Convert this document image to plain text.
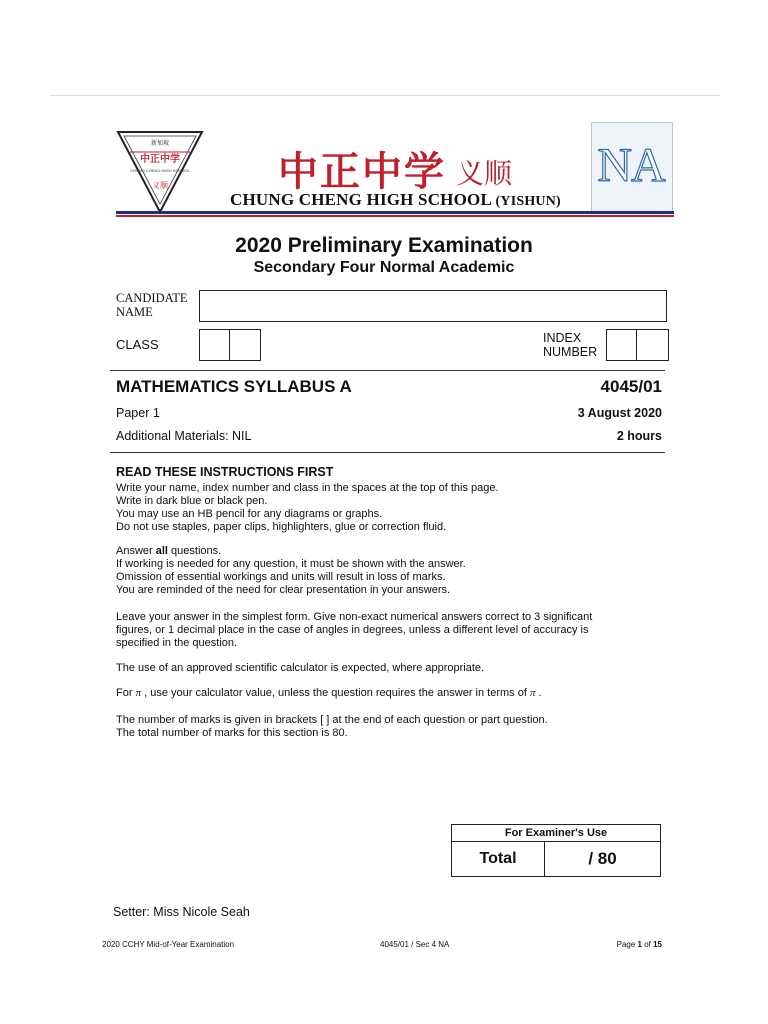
新加坡
中正中学
CHUNG CHENG HIGH SCHOOL
义顺	中正中学 义顺
CHUNG CHENG HIGH SCHOOL (YISHUN)
NA
2020 Preliminary Examination
Secondary Four Normal Academic
CANDIDATE
NAME
CLASS	INDEX
NUMBER
MATHEMATICS SYLLABUS A	4045/01
Paper 1	3 August 2020
Additional Materials: NIL	2 hours
READ THESE INSTRUCTIONS FIRST
Write your name, index number and class in the spaces at the top of this page.
Write in dark blue or black pen.
You may use an HB pencil for any diagrams or graphs.
Do not use staples, paper clips, highlighters, glue or correction fluid.
Answer all questions.
If working is needed for any question, it must be shown with the answer.
Omission of essential workings and units will result in loss of marks.
You are reminded of the need for clear presentation in your answers.
Leave your answer in the simplest form. Give non-exact numerical answers correct to 3 significant
figures, or 1 decimal place in the case of angles in degrees, unless a different level of accuracy is
specified in the question.
The use of an approved scientific calculator is expected, where appropriate.
For π , use your calculator value, unless the question requires the answer in terms of π .
The number of marks is given in brackets [ ] at the end of each question or part question.
The total number of marks for this section is 80.
For Examiner's Use
Total	/ 80
Setter: Miss Nicole Seah
2020 CCHY Mid-of-Year Examination	4045/01 / Sec 4 NA	Page 1 of 15
